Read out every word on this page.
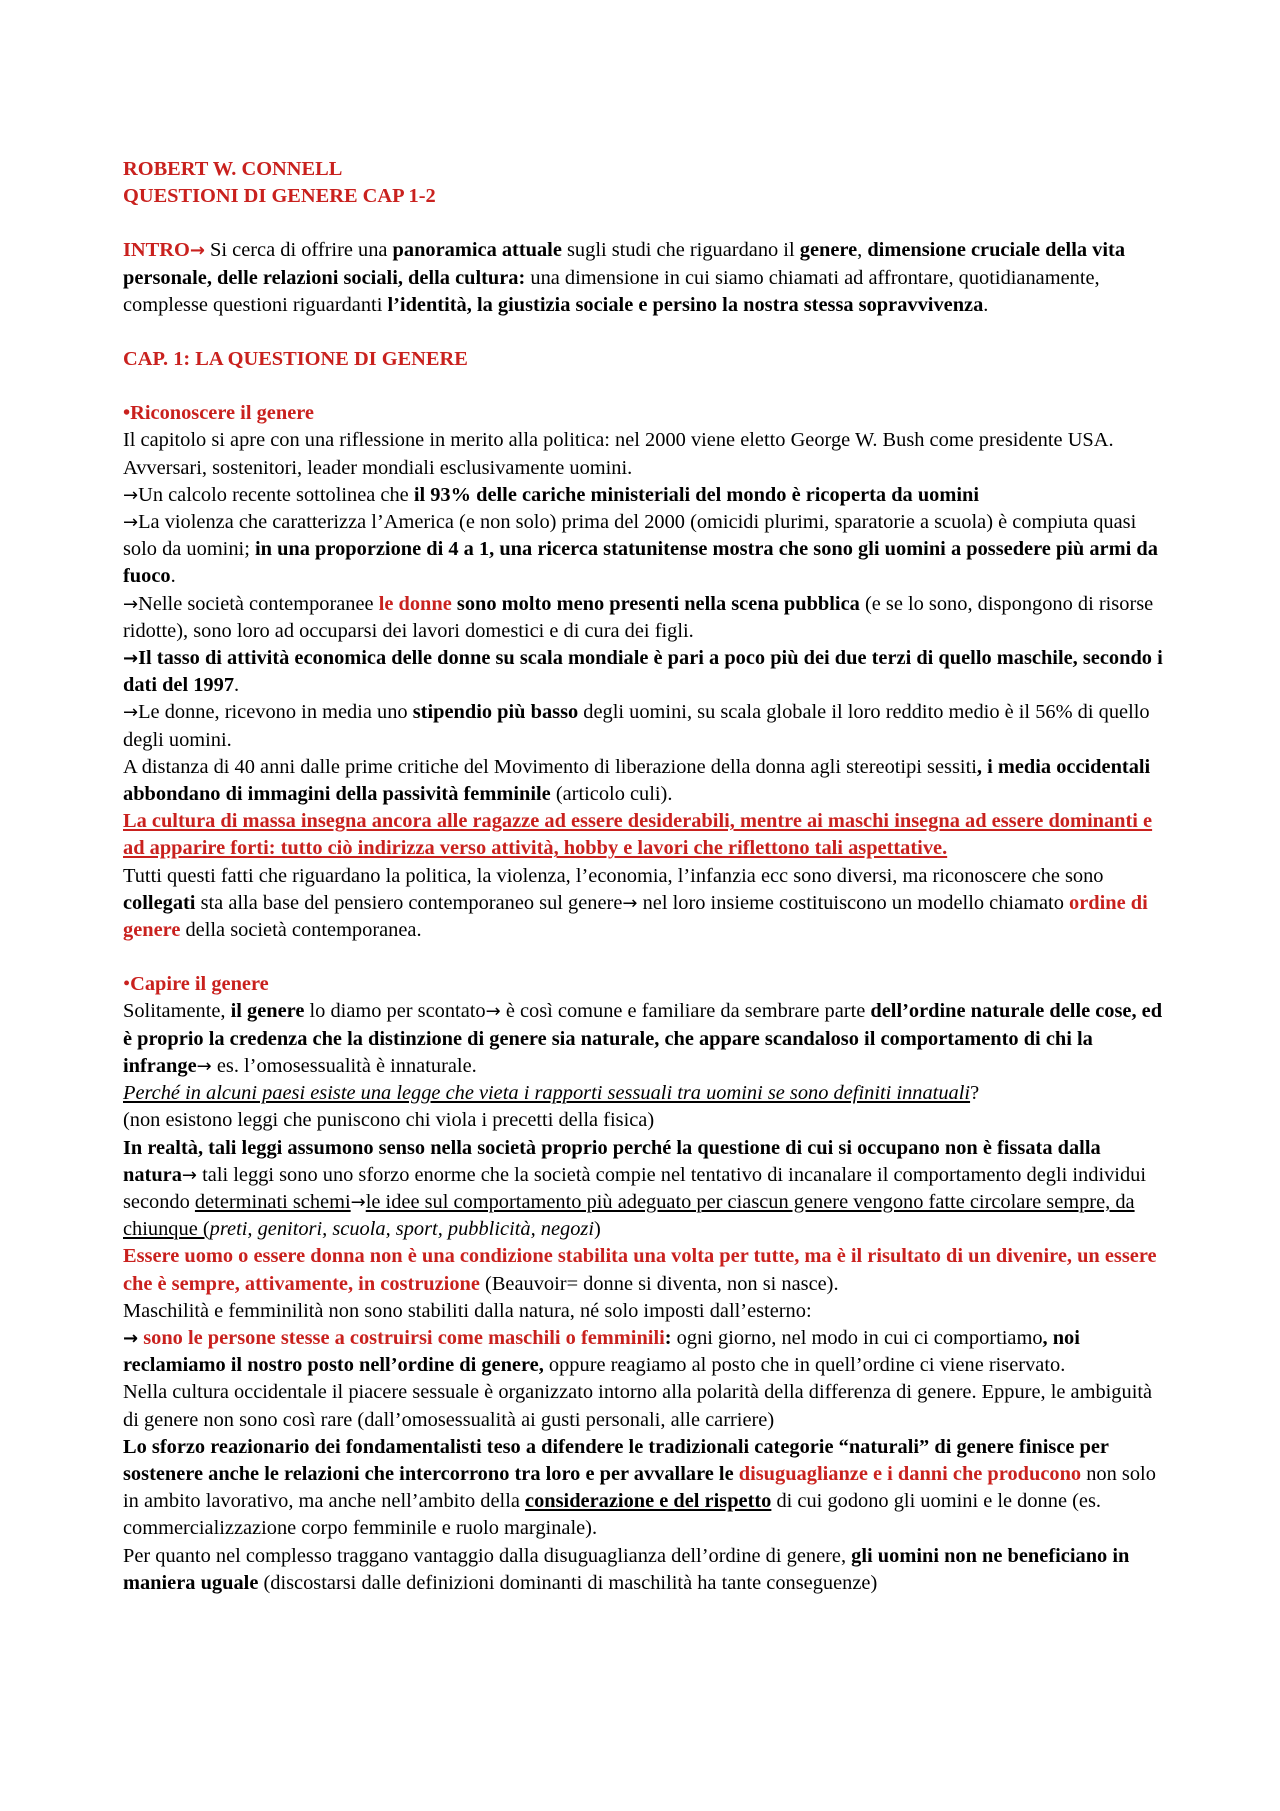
ROBERT W. CONNELL

QUESTIONI DI GENERE CAP 1-2

INTRO→ Si cerca di offrire una panoramica attuale sugli studi che riguardano il genere, dimensione cruciale della vita personale, delle relazioni sociali, della cultura: una dimensione in cui siamo chiamati ad affrontare, quotidianamente, complesse questioni riguardanti l’identità, la giustizia sociale e persino la nostra stessa sopravvivenza.

CAP. 1: LA QUESTIONE DI GENERE

•Riconoscere il genere

Il capitolo si apre con una riflessione in merito alla politica: nel 2000 viene eletto George W. Bush come presidente USA. Avversari, sostenitori, leader mondiali esclusivamente uomini.

→Un calcolo recente sottolinea che il 93% delle cariche ministeriali del mondo è ricoperta da uomini

→La violenza che caratterizza l’America (e non solo) prima del 2000 (omicidi plurimi, sparatorie a scuola) è compiuta quasi solo da uomini; in una proporzione di 4 a 1, una ricerca statunitense mostra che sono gli uomini a possedere più armi da fuoco.

→Nelle società contemporanee le donne sono molto meno presenti nella scena pubblica (e se lo sono, dispongono di risorse ridotte), sono loro ad occuparsi dei lavori domestici e di cura dei figli.

→Il tasso di attività economica delle donne su scala mondiale è pari a poco più dei due terzi di quello maschile, secondo i dati del 1997.

→Le donne, ricevono in media uno stipendio più basso degli uomini, su scala globale il loro reddito medio è il 56% di quello degli uomini.

A distanza di 40 anni dalle prime critiche del Movimento di liberazione della donna agli stereotipi sessiti, i media occidentali abbondano di immagini della passività femminile (articolo culi).

La cultura di massa insegna ancora alle ragazze ad essere desiderabili, mentre ai maschi insegna ad essere dominanti e ad apparire forti: tutto ciò indirizza verso attività, hobby e lavori che riflettono tali aspettative.

Tutti questi fatti che riguardano la politica, la violenza, l’economia, l’infanzia ecc sono diversi, ma riconoscere che sono collegati sta alla base del pensiero contemporaneo sul genere→ nel loro insieme costituiscono un modello chiamato ordine di genere della società contemporanea.

•Capire il genere

Solitamente, il genere lo diamo per scontato→ è così comune e familiare da sembrare parte dell’ordine naturale delle cose, ed è proprio la credenza che la distinzione di genere sia naturale, che appare scandaloso il comportamento di chi la infrange→ es. l’omosessualità è innaturale.

Perché in alcuni paesi esiste una legge che vieta i rapporti sessuali tra uomini se sono definiti innatuali?

(non esistono leggi che puniscono chi viola i precetti della fisica)

In realtà, tali leggi assumono senso nella società proprio perché la questione di cui si occupano non è fissata dalla natura→ tali leggi sono uno sforzo enorme che la società compie nel tentativo di incanalare il comportamento degli individui secondo determinati schemi→le idee sul comportamento più adeguato per ciascun genere vengono fatte circolare sempre, da chiunque (preti, genitori, scuola, sport, pubblicità, negozi)

Essere uomo o essere donna non è una condizione stabilita una volta per tutte, ma è il risultato di un divenire, un essere che è sempre, attivamente, in costruzione (Beauvoir= donne si diventa, non si nasce).

Maschilità e femminilità non sono stabiliti dalla natura, né solo imposti dall’esterno:

→ sono le persone stesse a costruirsi come maschili o femminili: ogni giorno, nel modo in cui ci comportiamo, noi reclamiamo il nostro posto nell’ordine di genere, oppure reagiamo al posto che in quell’ordine ci viene riservato.

Nella cultura occidentale il piacere sessuale è organizzato intorno alla polarità della differenza di genere. Eppure, le ambiguità di genere non sono così rare (dall’omosessualità ai gusti personali, alle carriere)

Lo sforzo reazionario dei fondamentalisti teso a difendere le tradizionali categorie “naturali” di genere finisce per sostenere anche le relazioni che intercorrono tra loro e per avvallare le disuguaglianze e i danni che producono non solo in ambito lavorativo, ma anche nell’ambito della considerazione e del rispetto di cui godono gli uomini e le donne (es. commercializzazione corpo femminile e ruolo marginale).

Per quanto nel complesso traggano vantaggio dalla disuguaglianza dell’ordine di genere, gli uomini non ne beneficiano in maniera uguale (discostarsi dalle definizioni dominanti di maschilità ha tante conseguenze)
